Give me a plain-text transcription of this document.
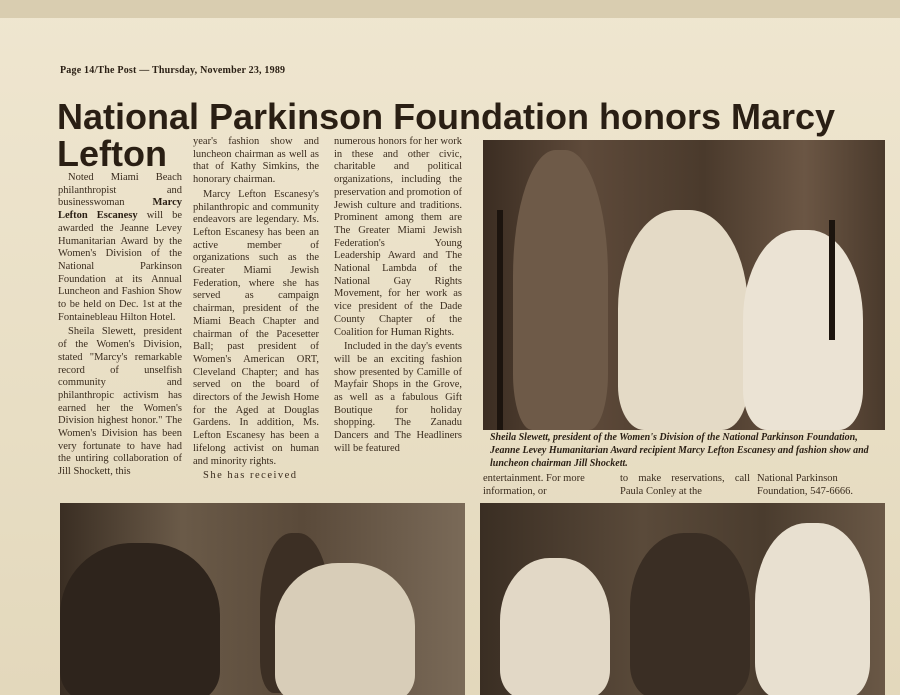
Page 14/The Post — Thursday, November 23, 1989
National Parkinson Foundation honors Marcy
Lefton

Noted Miami Beach philanthropist and businesswoman Marcy Lefton Escanesy will be awarded the Jeanne Levey Humanitarian Award by the Women's Division of the National Parkinson Foundation at its Annual Luncheon and Fashion Show to be held on Dec. 1st at the Fontainebleau Hilton Hotel.

Sheila Slewett, president of the Women's Division, stated "Marcy's remarkable record of unselfish community and philanthropic activism has earned her the Women's Division highest honor." The Women's Division has been very fortunate to have had the untiring collaboration of Jill Shockett, this

year's fashion show and luncheon chairman as well as that of Kathy Simkins, the honorary chairman.

Marcy Lefton Escanesy's philanthropic and community endeavors are legendary. Ms. Lefton Escanesy has been an active member of organizations such as the Greater Miami Jewish Federation, where she has served as campaign chairman, president of the Miami Beach Chapter and chairman of the Pacesetter Ball; past president of Women's American ORT, Cleveland Chapter; and has served on the board of directors of the Jewish Home for the Aged at Douglas Gardens. In addition, Ms. Lefton Escanesy has been a lifelong activist on human and minority rights.

She has received

numerous honors for her work in these and other civic, charitable and political organizations, including the preservation and promotion of Jewish culture and traditions. Prominent among them are The Greater Miami Jewish Federation's Young Leadership Award and The National Lambda of the National Gay Rights Movement, for her work as vice president of the Dade County Chapter of the Coalition for Human Rights.

Included in the day's events will be an exciting fashion show presented by Camille of Mayfair Shops in the Grove, as well as a fabulous Gift Boutique for holiday shopping. The Zanadu Dancers and The Headliners will be featured

Sheila Slewett, president of the Women's Division of the National Parkinson Foundation, Jeanne Levey Humanitarian Award recipient Marcy Lefton Escanesy and fashion show and luncheon chairman Jill Shockett.
entertainment. For more information, or
to make reservations, call Paula Conley at the
National Parkinson Foundation, 547-6666.
